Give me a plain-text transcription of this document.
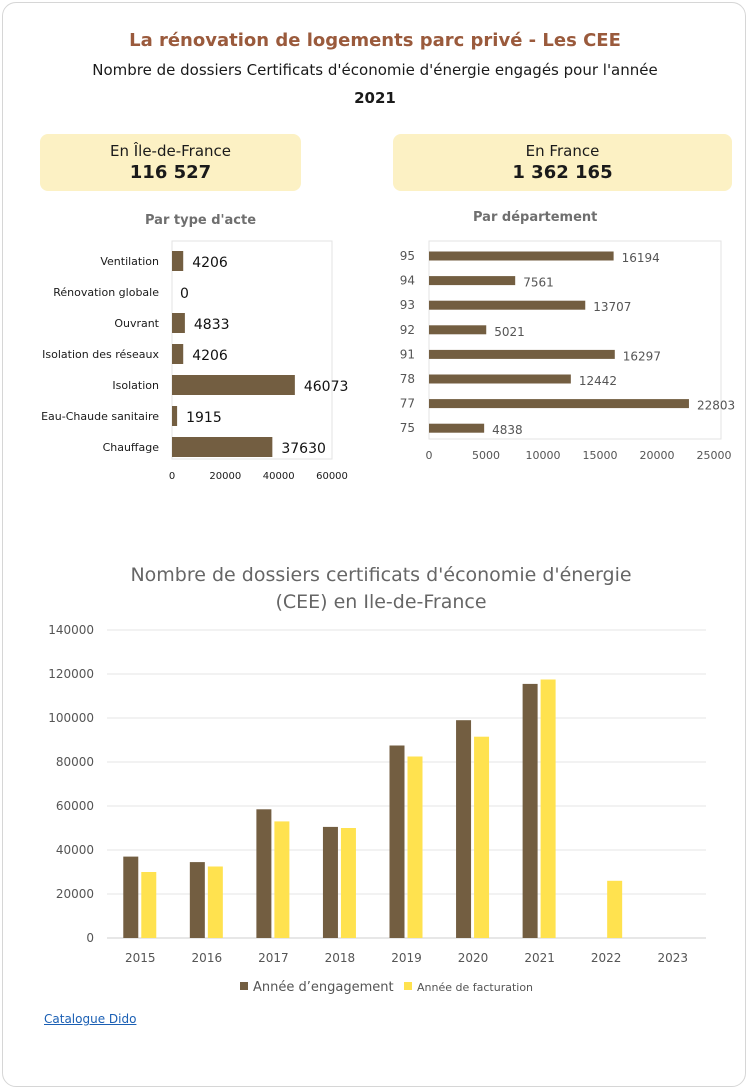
La rénovation de logements parc privé - Les CEE
Nombre de dossiers Certificats d'économie d'énergie engagés pour l'année
2021
En Île-de-France
116 527
En France
1 362 165
Par type d'acte	Par département
Ventilation 4206
Rénovation globale 0
Ouvrant 4833
Isolation des réseaux 4206
Isolation	46073
Eau-Chaude sanitaire 1915
Chauffage	37630
0	20000 40000 60000
95	16194
94	7561
93	13707
92	5021
91	16297
78	12442
77	22803
75	4838
0	5000 10000 15000 20000 25000
Nombre de dossiers certificats d'économie d'énergie
(CEE) en Ile-de-France
0
20000
40000
60000
80000
100000
120000
140000
2015	2016	2017	2018	2019	2020	2021	2022	2023
Année d’engagement Année de facturation
Catalogue Dido
